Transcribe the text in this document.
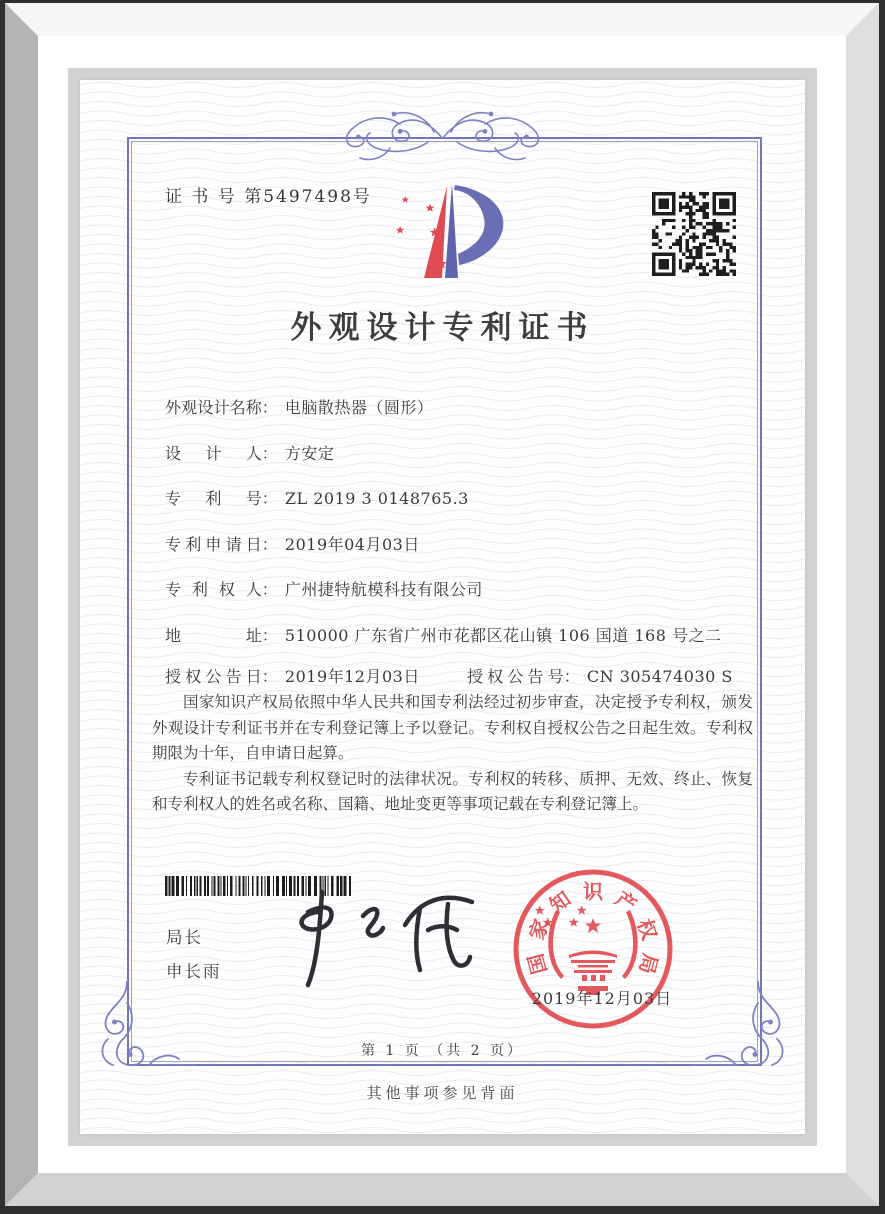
证 书 号 第5497498号
外观设计专利证书
外观设计名称： 电脑散热器（圆形）
设计人： 方安定
专利号： ZL 2019 3 0148765.3
专利申请日： 2019年04月03日
专利权人： 广州捷特航模科技有限公司
地址： 510000 广东省广州市花都区花山镇 106 国道 168 号之二
授权公告日： 2019年12月03日	授权公告号： CN 305474030 S

国家知识产权局依照中华人民共和国专利法经过初步审查，决定授予专利权，颁发外观设计专利证书并在专利登记簿上予以登记。专利权自授权公告之日起生效。专利权期限为十年，自申请日起算。

专利证书记载专利权登记时的法律状况。专利权的转移、质押、无效、终止、恢复和专利权人的姓名或名称、国籍、地址变更等事项记载在专利登记簿上。

局长
申长雨	国
家
知 识 产
权
局
2019年12月03日
第 1 页 （共 2 页）
其他事项参见背面
